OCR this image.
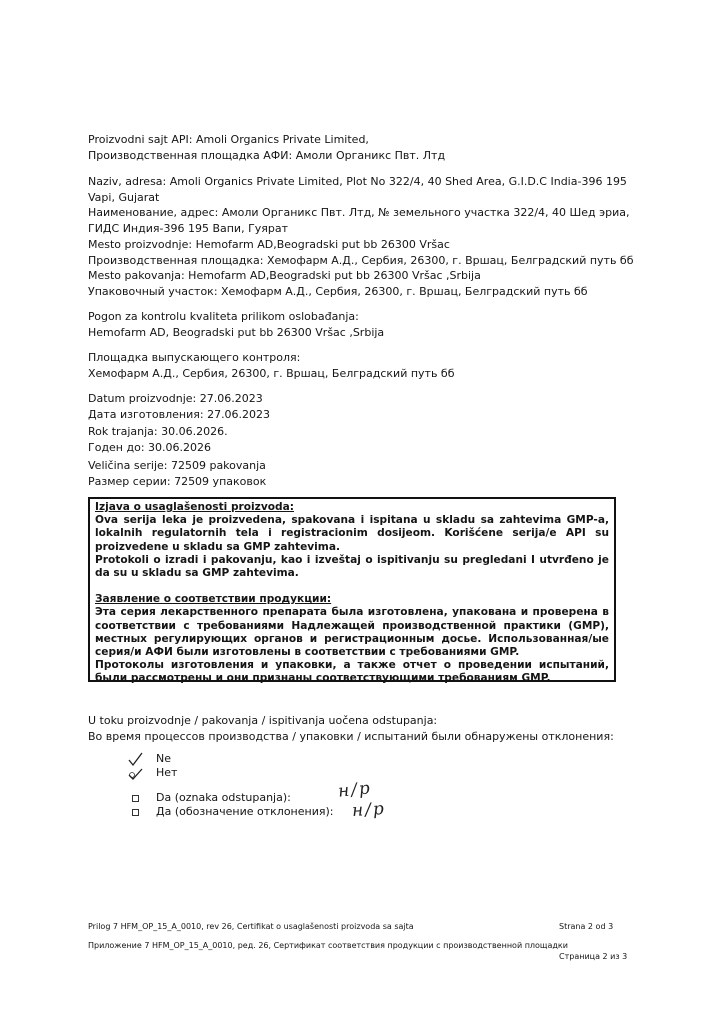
Proizvodni sajt API: Amoli Organics Private Limited,
Производственная площадка АФИ: Амоли Органикс Пвт. Лтд
Naziv, adresa: Amoli Organics Private Limited, Plot No 322/4, 40 Shed Area, G.I.D.C India-396 195 Vapi, Gujarat
Наименование, адрес: Амоли Органикс Пвт. Лтд, № земельного участка 322/4, 40 Шед эриа, ГИДС Индия-396 195 Вапи, Гуярат
Mesto proizvodnje: Hemofarm AD,Beogradski put bb 26300 Vršac
Производственная площадка: Хемофарм А.Д., Сербия, 26300, г. Вршац, Белградский путь бб
Mesto pakovanja: Hemofarm AD,Beogradski put bb 26300 Vršac ,Srbija
Упаковочный участок: Хемофарм А.Д., Сербия, 26300, г. Вршац, Белградский путь бб
Pogon za kontrolu kvaliteta prilikom oslobađanja:
Hemofarm AD, Beogradski put bb 26300 Vršac ,Srbija
Площадка выпускающего контроля:
Хемофарм А.Д., Сербия, 26300, г. Вршац, Белградский путь бб
Datum proizvodnje: 27.06.2023
Дата изготовления: 27.06.2023
Rok trajanja: 30.06.2026.
Годен до: 30.06.2026
Veličina serije: 72509 pakovanja
Размер серии: 72509 упаковок
Izjava o usaglašenosti proizvoda:
Ova serija leka je proizvedena, spakovana i ispitana u skladu sa zahtevima GMP-a, lokalnih regulatornih tela i registracionim dosijeom. Korišćene serija/e API su proizvedene u skladu sa GMP zahtevima.
Protokoli o izradi i pakovanju, kao i izveštaj o ispitivanju su pregledani I utvrđeno je da su u skladu sa GMP zahtevima.
Заявление о соответствии продукции:
Эта серия лекарственного препарата была изготовлена, упакована и проверена в соответствии с требованиями Надлежащей производственной практики (GMP), местных регулирующих органов и регистрационным досье. Использованная/ые серия/и АФИ были изготовлены в соответствии с требованиями GMP.
Протоколы изготовления и упаковки, а также отчет о проведении испытаний, были рассмотрены и они признаны соответствующими требованиям GMP.
U toku proizvodnje / pakovanja / ispitivanja uočena odstupanja:
Во время процессов производства / упаковки / испытаний были обнаружены отклонения:
Ne
Нет
Da (oznaka odstupanja):
Да (обозначение отклонения):
н/р
н/р
Prilog 7 HFM_OP_15_A_0010, rev 26, Certifikat o usaglašenosti proizvoda sa sajta	Strana 2 od 3
Приложение 7 HFM_OP_15_A_0010, ред. 26, Сертификат соответствия продукции с производственной площадки
Страница 2 из 3
